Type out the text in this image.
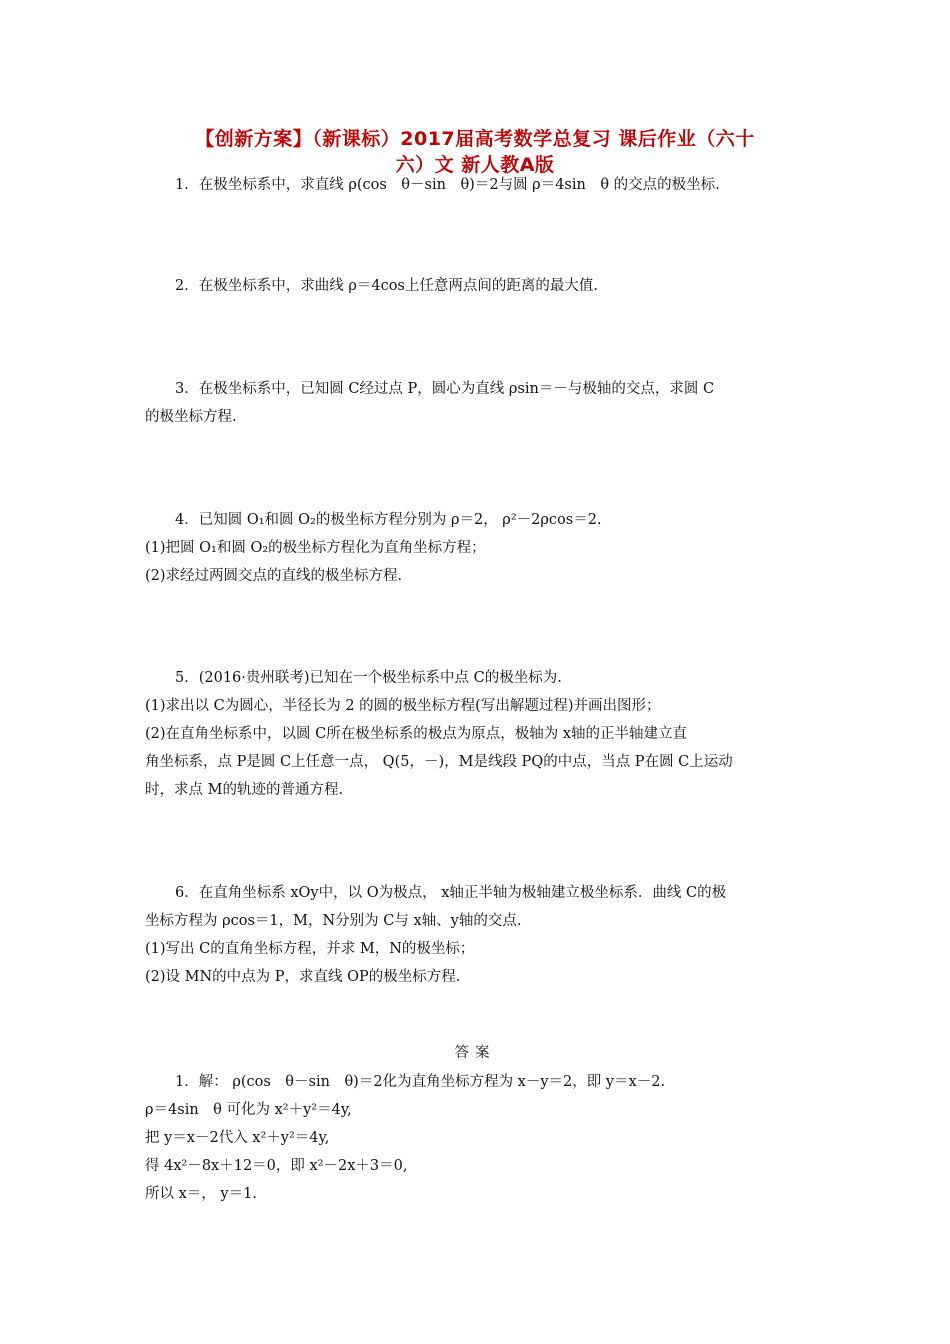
【创新方案】（新课标）2017届高考数学总复习 课后作业（六十
六）文 新人教A版

1．在极坐标系中，求直线 ρ(cos　θ－sin　θ)＝2与圆 ρ＝4sin　θ 的交点的极坐标.

2．在极坐标系中，求曲线 ρ＝4cos上任意两点间的距离的最大值.

3．在极坐标系中，已知圆 C经过点 P，圆心为直线 ρsin＝－与极轴的交点，求圆 C

的极坐标方程.

4．已知圆 O₁和圆 O₂的极坐标方程分别为 ρ＝2， ρ²－2ρcos＝2.

(1)把圆 O₁和圆 O₂的极坐标方程化为直角坐标方程；

(2)求经过两圆交点的直线的极坐标方程.

5．(2016·贵州联考)已知在一个极坐标系中点 C的极坐标为.

(1)求出以 C为圆心，半径长为 2 的圆的极坐标方程(写出解题过程)并画出图形；

(2)在直角坐标系中，以圆 C所在极坐标系的极点为原点，极轴为 x轴的正半轴建立直

角坐标系，点 P是圆 C上任意一点， Q(5，－)，M是线段 PQ的中点，当点 P在圆 C上运动

时，求点 M的轨迹的普通方程.

6．在直角坐标系 xOy中，以 O为极点， x轴正半轴为极轴建立极坐标系．曲线 C的极

坐标方程为 ρcos＝1，M，N分别为 C与 x轴、y轴的交点.

(1)写出 C的直角坐标方程，并求 M，N的极坐标；

(2)设 MN的中点为 P，求直线 OP的极坐标方程.

答案

1．解： ρ(cos　θ－sin　θ)＝2化为直角坐标方程为 x－y＝2，即 y＝x－2.

ρ＝4sin　θ 可化为 x²＋y²＝4y,

把 y＝x－2代入 x²＋y²＝4y,

得 4x²－8x＋12＝0，即 x²－2x＋3＝0,

所以 x＝， y＝1.
